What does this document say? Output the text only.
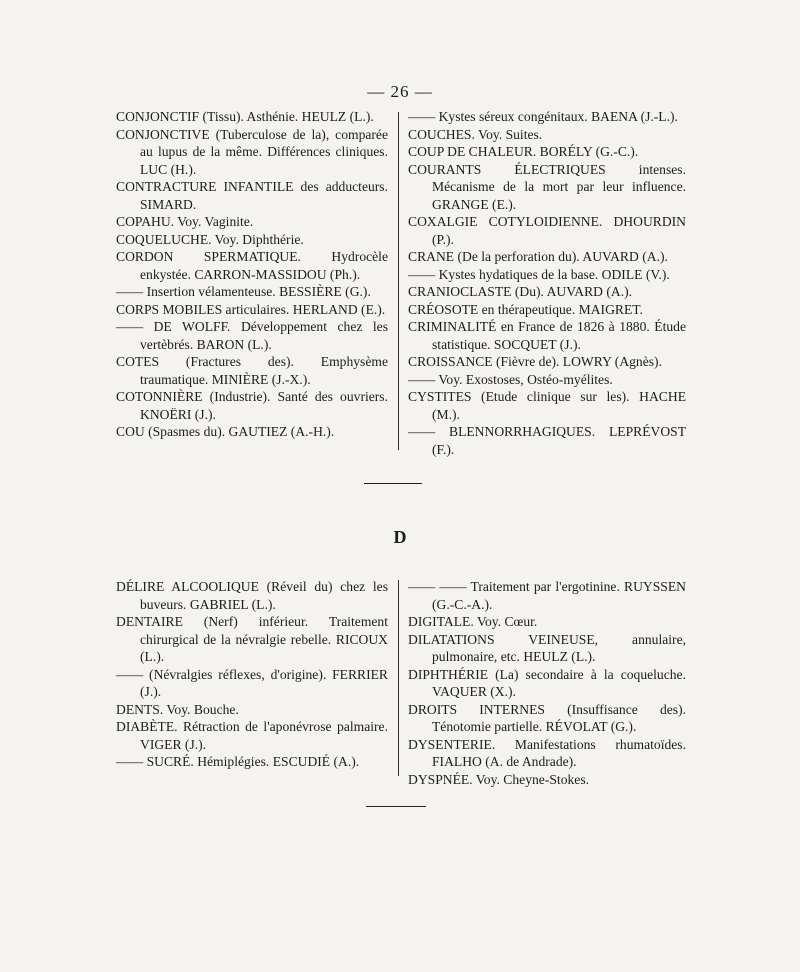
— 26 —
CONJONCTIF (Tissu). Asthénie. HEULZ (L.).
CONJONCTIVE (Tuberculose de la), comparée au lupus de la même. Différences cliniques. LUC (H.).
CONTRACTURE INFANTILE des adducteurs. SIMARD.
COPAHU. Voy. Vaginite.
COQUELUCHE. Voy. Diphthérie.
CORDON SPERMATIQUE. Hydrocèle enkystée. CARRON-MASSIDOU (Ph.).
—— Insertion vélamenteuse. BESSIÈRE (G.).
CORPS MOBILES articulaires. HERLAND (E.).
—— DE WOLFF. Développement chez les vertèbrés. BARON (L.).
COTES (Fractures des). Emphysème traumatique. MINIÈRE (J.-X.).
COTONNIÈRE (Industrie). Santé des ouvriers. KNOËRI (J.).
COU (Spasmes du). GAUTIEZ (A.-H.).
—— Kystes séreux congénitaux. BAENA (J.-L.).
COUCHES. Voy. Suites.
COUP DE CHALEUR. BORÉLY (G.-C.).
COURANTS ÉLECTRIQUES intenses. Mécanisme de la mort par leur influence. GRANGE (E.).
COXALGIE COTYLOIDIENNE. DHOURDIN (P.).
CRANE (De la perforation du). AUVARD (A.).
—— Kystes hydatiques de la base. ODILE (V.).
CRANIOCLASTE (Du). AUVARD (A.).
CRÉOSOTE en thérapeutique. MAIGRET.
CRIMINALITÉ en France de 1826 à 1880. Étude statistique. SOCQUET (J.).
CROISSANCE (Fièvre de). LOWRY (Agnès).
—— Voy. Exostoses, Ostéo-myélites.
CYSTITES (Etude clinique sur les). HACHE (M.).
—— BLENNORRHAGIQUES. LEPRÉVOST (F.).
D
DÉLIRE ALCOOLIQUE (Réveil du) chez les buveurs. GABRIEL (L.).
DENTAIRE (Nerf) inférieur. Traitement chirurgical de la névralgie rebelle. RICOUX (L.).
—— (Névralgies réflexes, d'origine). FERRIER (J.).
DENTS. Voy. Bouche.
DIABÈTE. Rétraction de l'aponévrose palmaire. VIGER (J.).
—— SUCRÉ. Hémiplégies. ESCUDIÉ (A.).
—— —— Traitement par l'ergotinine. RUYSSEN (G.-C.-A.).
DIGITALE. Voy. Cœur.
DILATATIONS VEINEUSE, annulaire, pulmonaire, etc. HEULZ (L.).
DIPHTHÉRIE (La) secondaire à la coqueluche. VAQUER (X.).
DROITS INTERNES (Insuffisance des). Ténotomie partielle. RÉVOLAT (G.).
DYSENTERIE. Manifestations rhumatoïdes. FIALHO (A. de Andrade).
DYSPNÉE. Voy. Cheyne-Stokes.
